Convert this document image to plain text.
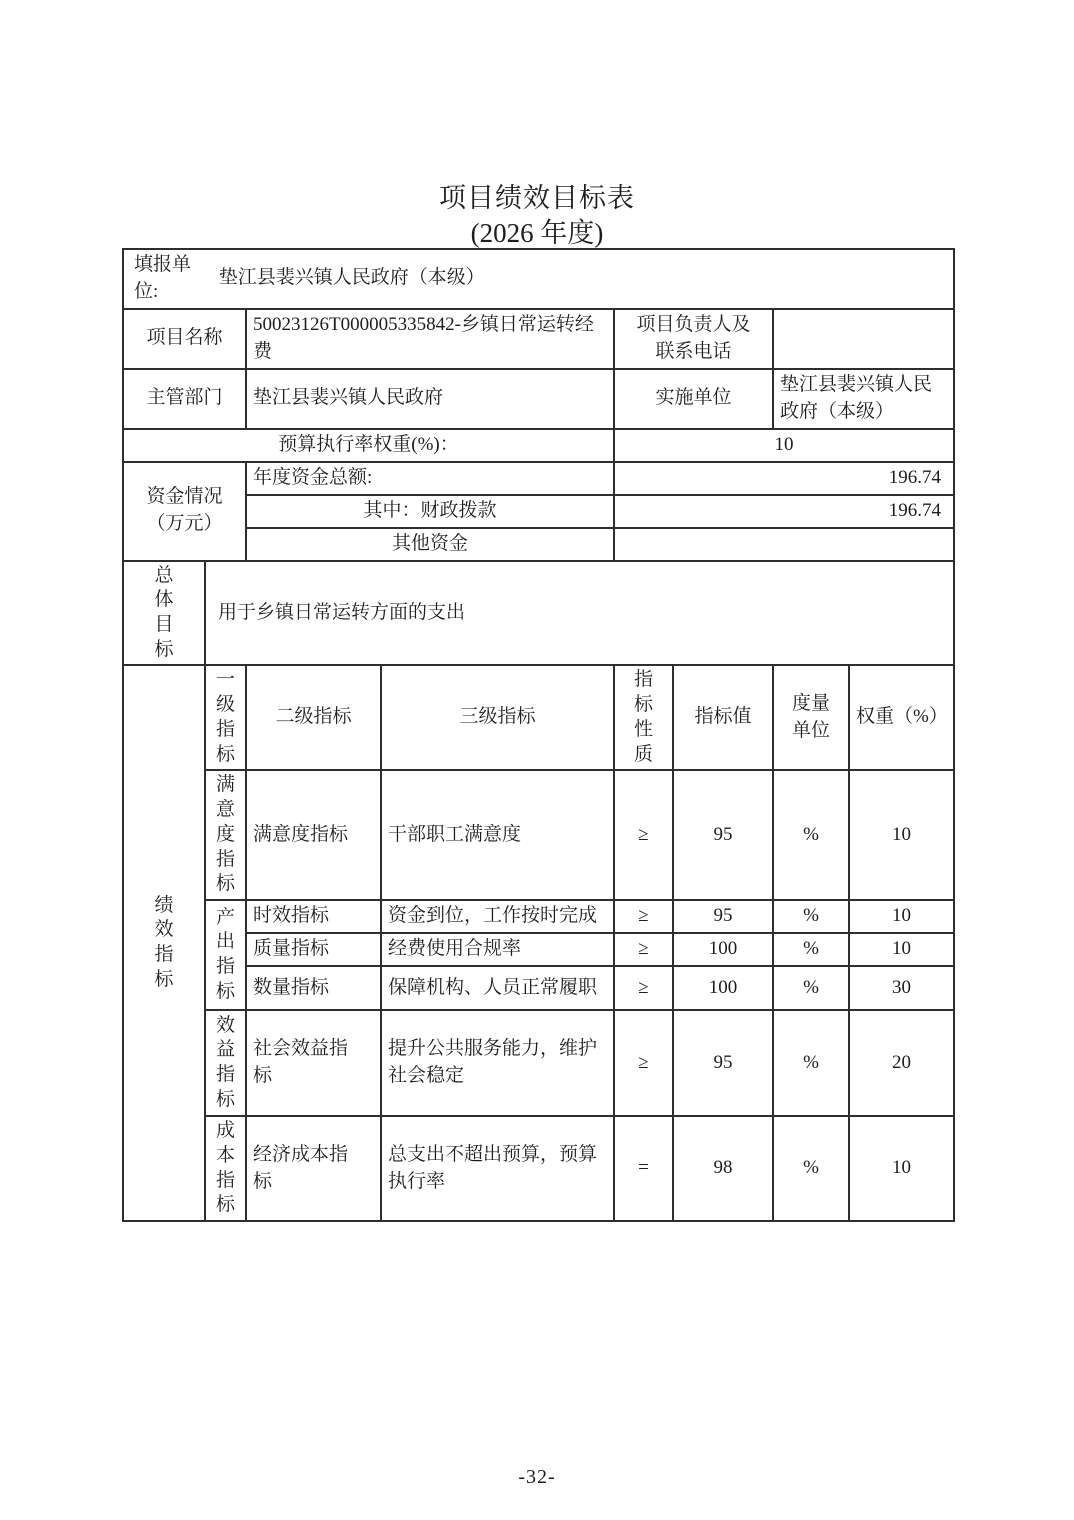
项目绩效目标表
(2026 年度)
填报单位: 垫江县裴兴镇人民政府（本级）							
项目名称		50023126T000005335842-乡镇日常运转经费		项目负责人及联系电话			
主管部门		垫江县裴兴镇人民政府		实施单位		垫江县裴兴镇人民政府（本级）	
预算执行率权重(%)：				10			
资金情况（万元）		年度资金总额:		196.74			
		其中：财政拨款		196.74			
		其他资金					
总体目标	用于乡镇日常运转方面的支出						
绩效指标	一级指标	二级指标	三级指标	指标性质	指标值	度量单位	权重（%）
	满意度指标	满意度指标	干部职工满意度	≥	95	%	10
	产出指标	时效指标	资金到位，工作按时完成	≥	95	%	10
		质量指标	经费使用合规率	≥	100	%	10
		数量指标	保障机构、人员正常履职	≥	100	%	30
	效益指标	社会效益指标	提升公共服务能力，维护社会稳定	≥	95	%	20
	成本指标	经济成本指标	总支出不超出预算，预算执行率	=	98	%	10
-32-
